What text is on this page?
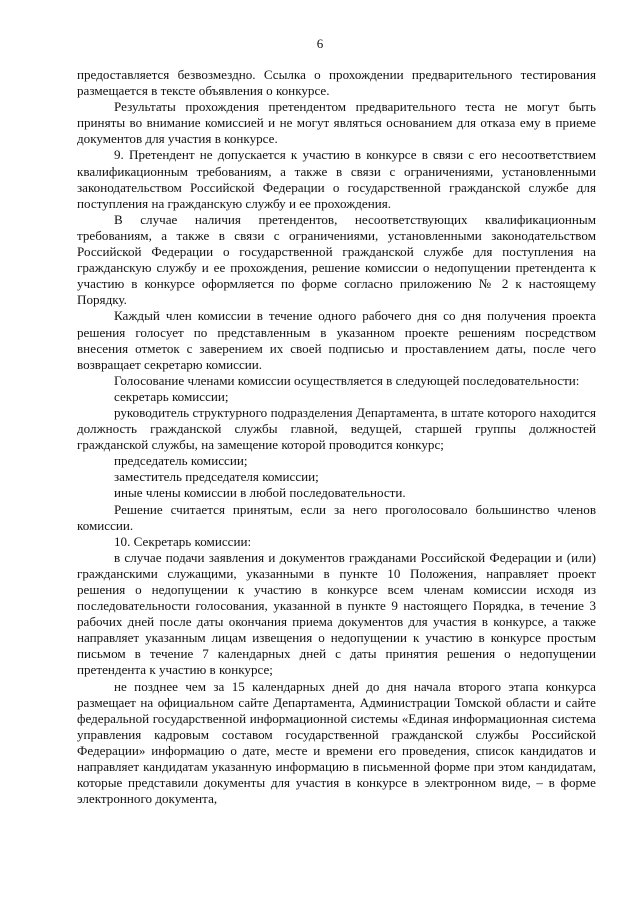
6

предоставляется безвозмездно. Ссылка о прохождении предварительного тестирования размещается в тексте объявления о конкурсе.

Результаты прохождения претендентом предварительного теста не могут быть приняты во внимание комиссией и не могут являться основанием для отказа ему в приеме документов для участия в конкурсе.

9. Претендент не допускается к участию в конкурсе в связи с его несоответствием квалификационным требованиям, а также в связи с ограничениями, установленными законодательством Российской Федерации о государственной гражданской службе для поступления на гражданскую службу и ее прохождения.

В случае наличия претендентов, несоответствующих квалификационным требованиям, а также в связи с ограничениями, установленными законодательством Российской Федерации о государственной гражданской службе для поступления на гражданскую службу и ее прохождения, решение комиссии о недопущении претендента к участию в конкурсе оформляется по форме согласно приложению № 2 к настоящему Порядку.

Каждый член комиссии в течение одного рабочего дня со дня получения проекта решения голосует по представленным в указанном проекте решениям посредством внесения отметок с заверением их своей подписью и проставлением даты, после чего возвращает секретарю комиссии.

Голосование членами комиссии осуществляется в следующей последовательности:

секретарь комиссии;

руководитель структурного подразделения Департамента, в штате которого находится должность гражданской службы главной, ведущей, старшей группы должностей гражданской службы, на замещение которой проводится конкурс;

председатель комиссии;

заместитель председателя комиссии;

иные члены комиссии в любой последовательности.

Решение считается принятым, если за него проголосовало большинство членов комиссии.

10. Секретарь комиссии:

в случае подачи заявления и документов гражданами Российской Федерации и (или) гражданскими служащими, указанными в пункте 10 Положения, направляет проект решения о недопущении к участию в конкурсе всем членам комиссии исходя из последовательности голосования, указанной в пункте 9 настоящего Порядка, в течение 3 рабочих дней после даты окончания приема документов для участия в конкурсе, а также направляет указанным лицам извещения о недопущении к участию в конкурсе простым письмом в течение 7 календарных дней с даты принятия решения о недопущении претендента к участию в конкурсе;

не позднее чем за 15 календарных дней до дня начала второго этапа конкурса размещает на официальном сайте Департамента, Администрации Томской области и сайте федеральной государственной информационной системы «Единая информационная система управления кадровым составом государственной гражданской службы Российской Федерации» информацию о дате, месте и времени его проведения, список кандидатов и направляет кандидатам указанную информацию в письменной форме при этом кандидатам, которые представили документы для участия в конкурсе в электронном виде, – в форме электронного документа,
